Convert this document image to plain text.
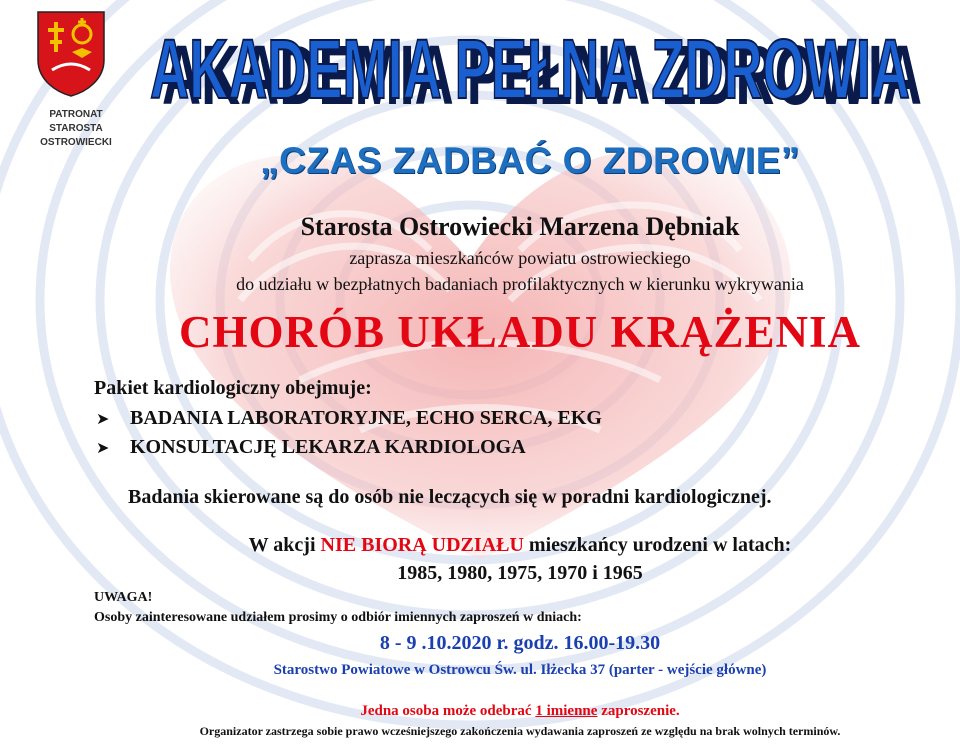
PATRONAT
STAROSTA
OSTROWIECKI
AKADEMIA PEŁNA ZDROWIA
AKADEMIA PEŁNA ZDROWIA
„CZAS ZADBAĆ O ZDROWIE”
Starosta Ostrowiecki Marzena Dębniak
zaprasza mieszkańców powiatu ostrowieckiego
do udziału w bezpłatnych badaniach profilaktycznych w kierunku wykrywania
CHORÓB UKŁADU KRĄŻENIA
Pakiet kardiologiczny obejmuje:
➤ BADANIA LABORATORYJNE, ECHO SERCA, EKG
➤ KONSULTACJĘ LEKARZA KARDIOLOGA
Badania skierowane są do osób nie leczących się w poradni kardiologicznej.
W akcji NIE BIORĄ UDZIAŁU mieszkańcy urodzeni w latach:
1985, 1980, 1975, 1970 i 1965
UWAGA!
Osoby zainteresowane udziałem prosimy o odbiór imiennych zaproszeń w dniach:
8 - 9 .10.2020 r. godz. 16.00-19.30
Starostwo Powiatowe w Ostrowcu Św. ul. Iłżecka 37 (parter - wejście główne)
Jedna osoba może odebrać 1 imienne zaproszenie.
Organizator zastrzega sobie prawo wcześniejszego zakończenia wydawania zaproszeń ze względu na brak wolnych terminów.
